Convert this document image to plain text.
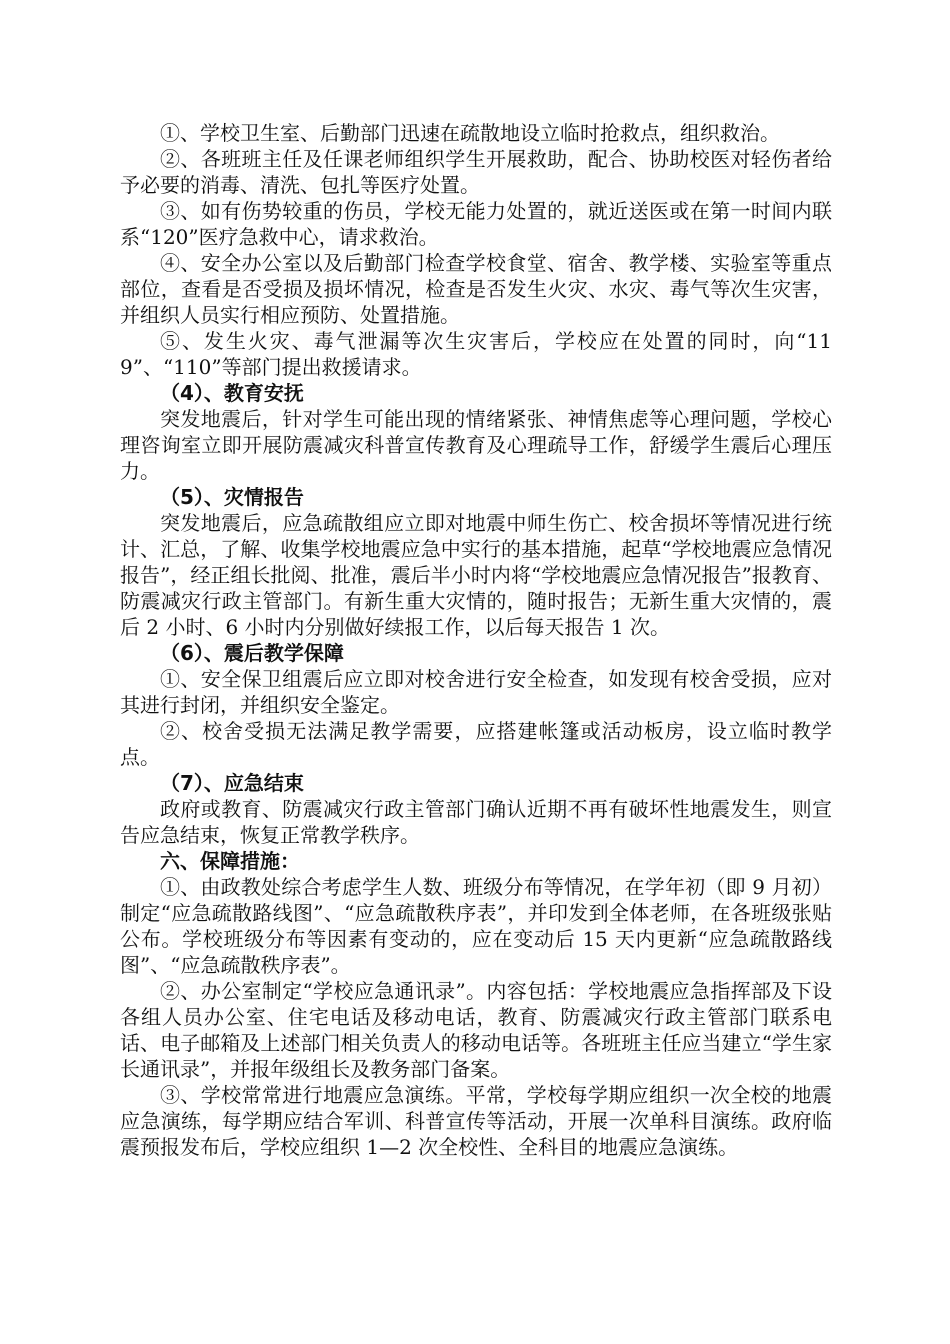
①、学校卫生室、后勤部门迅速在疏散地设立临时抢救点，组织救治。

②、各班班主任及任课老师组织学生开展救助，配合、协助校医对轻伤者给予必要的消毒、清洗、包扎等医疗处置。

③、如有伤势较重的伤员，学校无能力处置的，就近送医或在第一时间内联系“120”医疗急救中心，请求救治。

④、安全办公室以及后勤部门检查学校食堂、宿舍、教学楼、实验室等重点部位，查看是否受损及损坏情况，检查是否发生火灾、水灾、毒气等次生灾害，并组织人员实行相应预防、处置措施。

⑤、发生火灾、毒气泄漏等次生灾害后，学校应在处置的同时，向“119”、“110”等部门提出救援请求。

（4）、教育安抚

突发地震后，针对学生可能出现的情绪紧张、神情焦虑等心理问题，学校心理咨询室立即开展防震减灾科普宣传教育及心理疏导工作，舒缓学生震后心理压力。

（5）、灾情报告

突发地震后，应急疏散组应立即对地震中师生伤亡、校舍损坏等情况进行统计、汇总，了解、收集学校地震应急中实行的基本措施，起草“学校地震应急情况报告”，经正组长批阅、批准，震后半小时内将“学校地震应急情况报告”报教育、防震减灾行政主管部门。有新生重大灾情的，随时报告；无新生重大灾情的，震后 2 小时、6 小时内分别做好续报工作，以后每天报告 1 次。

（6）、震后教学保障

①、安全保卫组震后应立即对校舍进行安全检查，如发现有校舍受损，应对其进行封闭，并组织安全鉴定。

②、校舍受损无法满足教学需要，应搭建帐篷或活动板房，设立临时教学点。

（7）、应急结束

政府或教育、防震减灾行政主管部门确认近期不再有破坏性地震发生，则宣告应急结束，恢复正常教学秩序。

六、保障措施：

①、由政教处综合考虑学生人数、班级分布等情况，在学年初（即 9 月初）制定“应急疏散路线图”、“应急疏散秩序表”，并印发到全体老师，在各班级张贴公布。学校班级分布等因素有变动的，应在变动后 15 天内更新“应急疏散路线图”、“应急疏散秩序表”。

②、办公室制定“学校应急通讯录”。内容包括：学校地震应急指挥部及下设各组人员办公室、住宅电话及移动电话，教育、防震减灾行政主管部门联系电话、电子邮箱及上述部门相关负责人的移动电话等。各班班主任应当建立“学生家长通讯录”，并报年级组长及教务部门备案。

③、学校常常进行地震应急演练。平常，学校每学期应组织一次全校的地震应急演练，每学期应结合军训、科普宣传等活动，开展一次单科目演练。政府临震预报发布后，学校应组织 1—2 次全校性、全科目的地震应急演练。
